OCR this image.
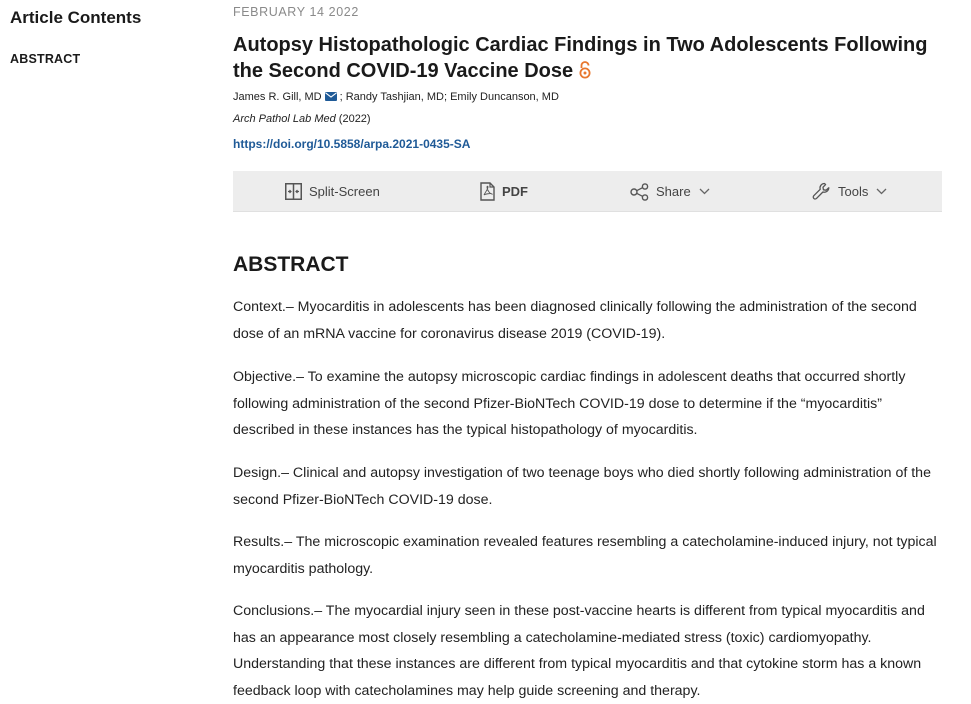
Article Contents
ABSTRACT
FEBRUARY 14 2022
Autopsy Histopathologic Cardiac Findings in Two Adolescents Following the Second COVID-19 Vaccine Dose
James R. Gill, MD ; Randy Tashjian, MD; Emily Duncanson, MD
Arch Pathol Lab Med (2022)
https://doi.org/10.5858/arpa.2021-0435-SA
Split-Screen	PDF	Share	Tools
ABSTRACT

Context.– Myocarditis in adolescents has been diagnosed clinically following the administration of the second dose of an mRNA vaccine for coronavirus disease 2019 (COVID-19).

Objective.– To examine the autopsy microscopic cardiac findings in adolescent deaths that occurred shortly following administration of the second Pfizer-BioNTech COVID-19 dose to determine if the “myocarditis” described in these instances has the typical histopathology of myocarditis.

Design.– Clinical and autopsy investigation of two teenage boys who died shortly following administration of the second Pfizer-BioNTech COVID-19 dose.

Results.– The microscopic examination revealed features resembling a catecholamine-induced injury, not typical myocarditis pathology.

Conclusions.– The myocardial injury seen in these post-vaccine hearts is different from typical myocarditis and has an appearance most closely resembling a catecholamine-mediated stress (toxic) cardiomyopathy. Understanding that these instances are different from typical myocarditis and that cytokine storm has a known feedback loop with catecholamines may help guide screening and therapy.
